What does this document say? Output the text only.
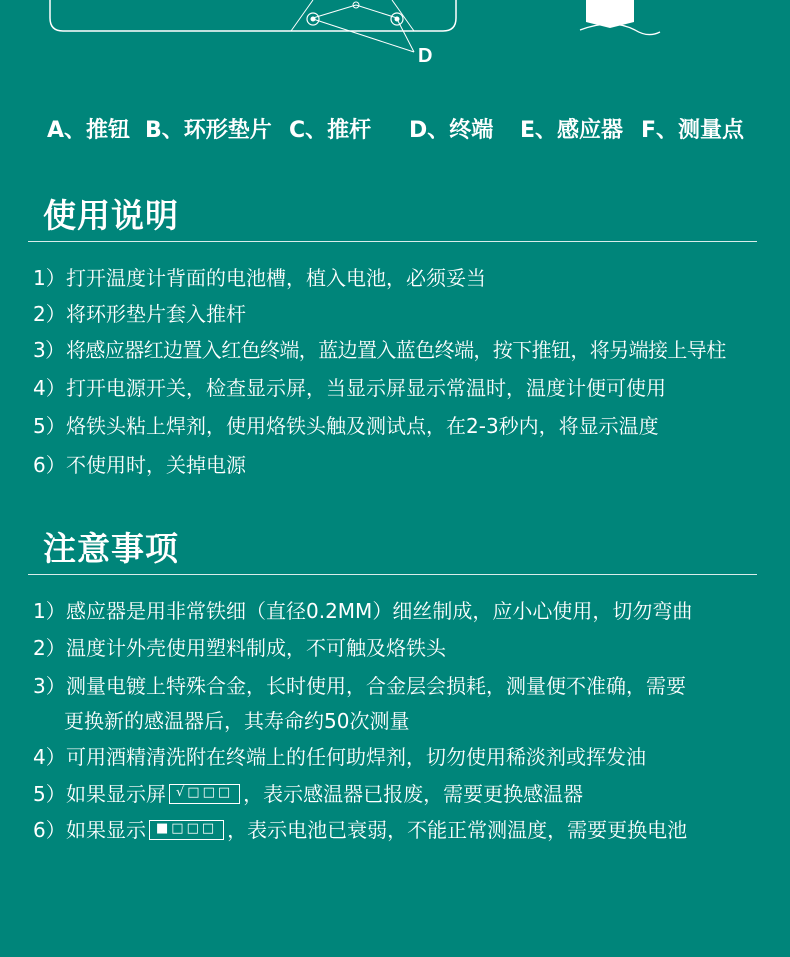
D
A、推钮 B、环形垫片 C、推杆 D、终端 E、感应器 F、测量点
使用说明
1）打开温度计背面的电池槽，植入电池，必须妥当
2）将环形垫片套入推杆
3）将感应器红边置入红色终端，蓝边置入蓝色终端，按下推钮，将另端接上导柱
4）打开电源开关，检查显示屏，当显示屏显示常温时，温度计便可使用
5）烙铁头粘上焊剂，使用烙铁头触及测试点，在2-3秒内，将显示温度
6）不使用时，关掉电源
注意事项
1）感应器是用非常铁细（直径0.2MM）细丝制成，应小心使用，切勿弯曲
2）温度计外壳使用塑料制成，不可触及烙铁头
3）测量电镀上特殊合金，长时使用，合金层会损耗，测量便不准确，需要
更换新的感温器后，其寿命约50次测量
4）可用酒精清洗附在终端上的任何助焊剂，切勿使用稀淡剂或挥发油
5）如果显示屏 √□□□ ，表示感温器已报废，需要更换感温器
6）如果显示 ■□□□ ，表示电池已衰弱，不能正常测温度，需要更换电池
